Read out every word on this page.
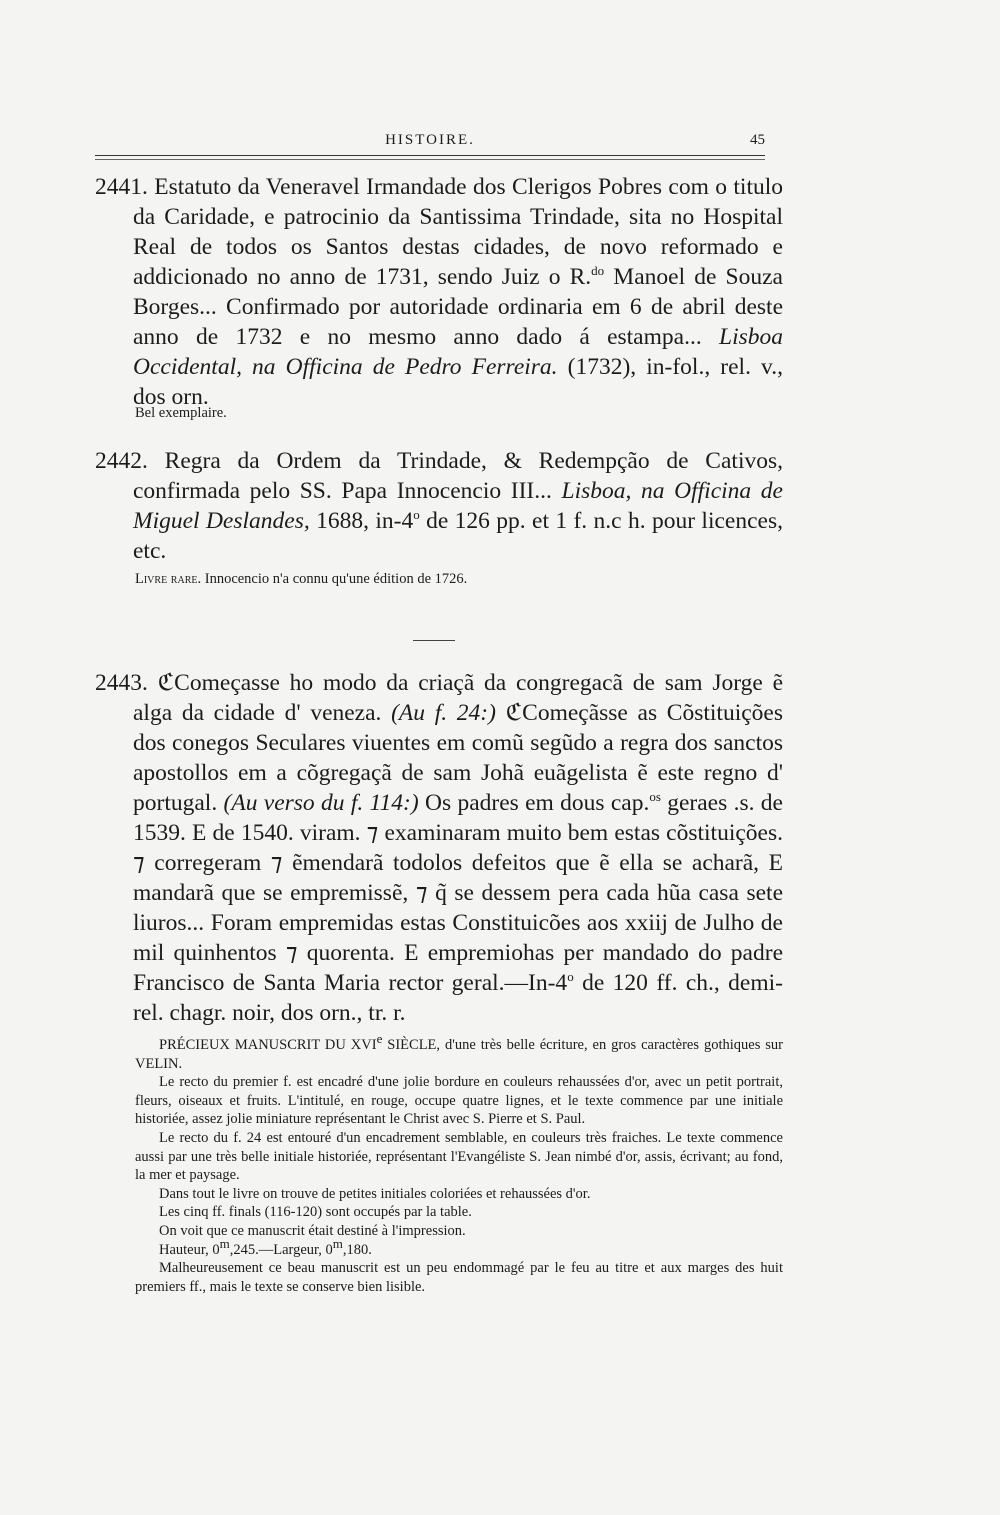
HISTOIRE.	45

2441. Estatuto da Veneravel Irmandade dos Clerigos Pobres com o titulo da Caridade, e patrocinio da Santissima Trindade, sita no Hospital Real de todos os Santos destas cidades, de novo reformado e addicionado no anno de 1731, sendo Juiz o R.$^{do}$ Manoel de Souza Borges... Confirmado por autoridade ordinaria em 6 de abril deste anno de 1732 e no mesmo anno dado á estampa... Lisboa Occidental, na Officina de Pedro Ferreira. (1732), in-fol., rel. v., dos orn.

Bel exemplaire.

2442. Regra da Ordem da Trindade, & Redempção de Cativos, confirmada pelo SS. Papa Innocencio III... Lisboa, na Officina de Miguel Deslandes, 1688, in-4$^o$ de 126 pp. et 1 f. n.c h. pour licences, etc.

Livre rare. Innocencio n'a connu qu'une édition de 1726.

2443. ℭComeçasse ho modo da criaçã da congregacã de sam Jorge ẽ alga da cidade d' veneza. (Au f. 24:) ℭComeçãsse as Cõstituições dos conegos Seculares viuentes em comũ segũdo a regra dos sanctos apostollos em a cõgregaçã de sam Johã euãgelista ẽ este regno d' portugal. (Au verso du f. 114:) Os padres em dous cap.$^{os}$ geraes .s. de 1539. E de 1540. viram. ⁊ examinaram muito bem estas cõstituições. ⁊ corregeram ⁊ ẽmendarã todolos defeitos que ẽ ella se acharã, E mandarã que se empremissẽ, ⁊ q̃ se dessem pera cada hũa casa sete liuros... Foram empremidas estas Constituicões aos xxiij de Julho de mil quinhentos ⁊ quorenta. E empremiohas per mandado do padre Francisco de Santa Maria rector geral.—In-4$^o$ de 120 ff. ch., demi-rel. chagr. noir, dos orn., tr. r.

PRÉCIEUX MANUSCRIT DU XVIe SIÈCLE, d'une très belle écriture, en gros caractères gothiques sur VELIN.

Le recto du premier f. est encadré d'une jolie bordure en couleurs rehaussées d'or, avec un petit portrait, fleurs, oiseaux et fruits. L'intitulé, en rouge, occupe quatre lignes, et le texte commence par une initiale historiée, assez jolie miniature représentant le Christ avec S. Pierre et S. Paul.

Le recto du f. 24 est entouré d'un encadrement semblable, en couleurs très fraiches. Le texte commence aussi par une très belle initiale historiée, représentant l'Evangéliste S. Jean nimbé d'or, assis, écrivant; au fond, la mer et paysage.

Dans tout le livre on trouve de petites initiales coloriées et rehaussées d'or.

Les cinq ff. finals (116-120) sont occupés par la table.

On voit que ce manuscrit était destiné à l'impression.

Hauteur, 0$^m$,245.—Largeur, 0$^m$,180.

Malheureusement ce beau manuscrit est un peu endommagé par le feu au titre et aux marges des huit premiers ff., mais le texte se conserve bien lisible.
